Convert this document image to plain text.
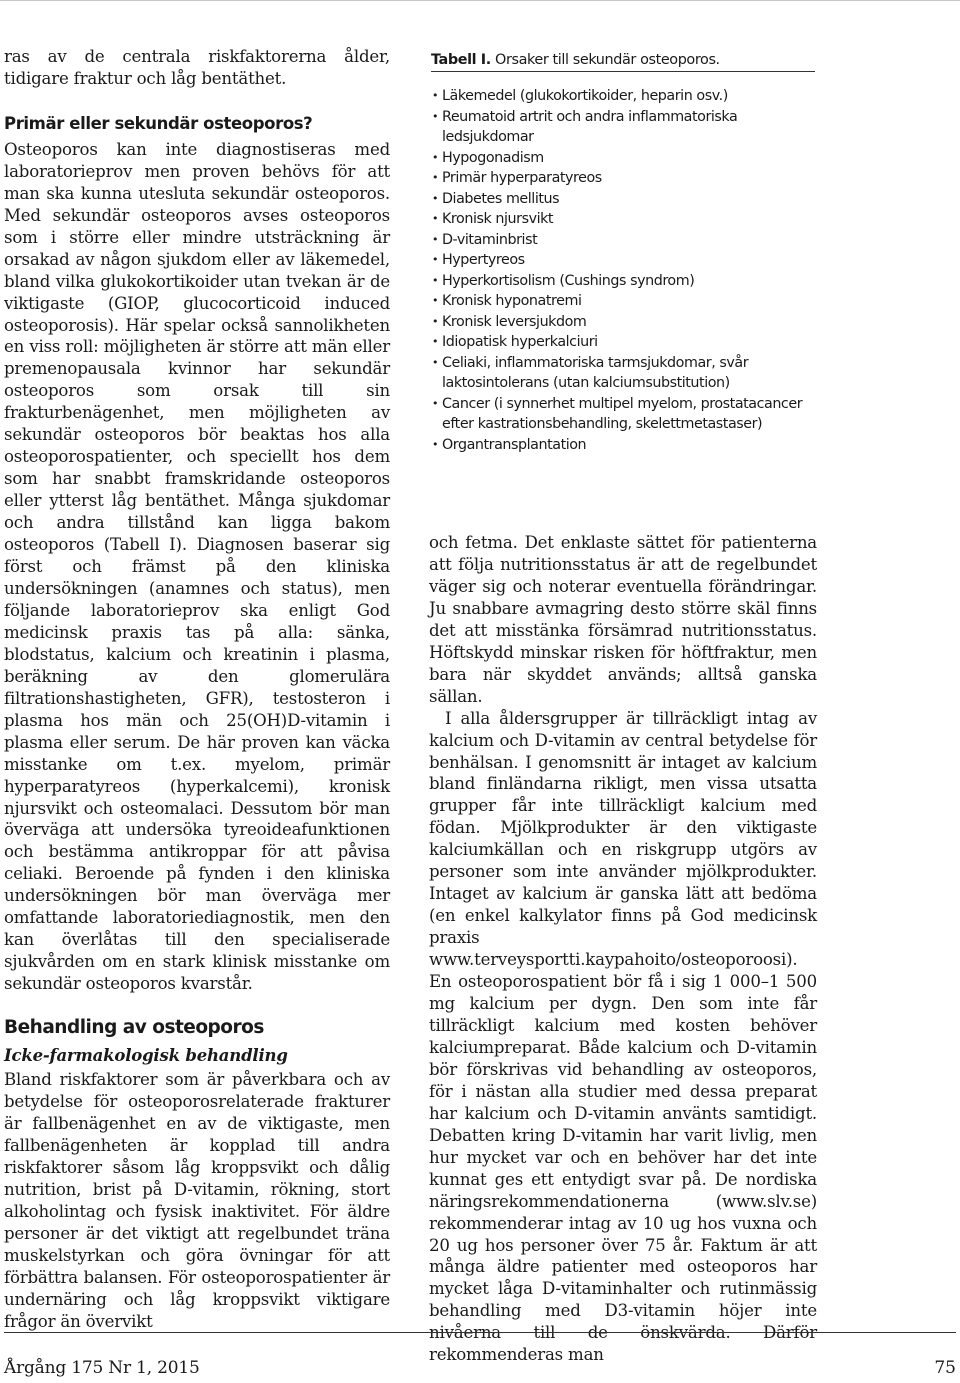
ras av de centrala riskfaktorerna ålder, tidigare fraktur och låg bentäthet.

Primär eller sekundär osteoporos?

Osteoporos kan inte diagnostiseras med laboratorieprov men proven behövs för att man ska kunna utesluta sekundär osteoporos. Med sekundär osteoporos avses osteoporos som i större eller mindre utsträckning är orsakad av någon sjukdom eller av läkemedel, bland vilka glukokortikoider utan tvekan är de viktigaste (GIOP, glucocorticoid induced osteoporosis). Här spelar också sannolikheten en viss roll: möjligheten är större att män eller premenopausala kvinnor har sekundär osteoporos som orsak till sin frakturbenägenhet, men möjligheten av sekundär osteoporos bör beaktas hos alla osteoporospatienter, och speciellt hos dem som har snabbt framskridande osteoporos eller ytterst låg bentäthet. Många sjukdomar och andra tillstånd kan ligga bakom osteoporos (Tabell I). Diagnosen baserar sig först och främst på den kliniska undersökningen (anamnes och status), men följande laboratorieprov ska enligt God medicinsk praxis tas på alla: sänka, blodstatus, kalcium och kreatinin i plasma, beräkning av den glomerulära filtrationshastigheten, GFR), testosteron i plasma hos män och 25(OH)D-vitamin i plasma eller serum. De här proven kan väcka misstanke om t.ex. myelom, primär hyperparatyreos (hyperkalcemi), kronisk njursvikt och osteomalaci. Dessutom bör man överväga att undersöka tyreoideafunktionen och bestämma antikroppar för att påvisa celiaki. Beroende på fynden i den kliniska undersökningen bör man överväga mer omfattande laboratoriediagnostik, men den kan överlåtas till den specialiserade sjukvården om en stark klinisk misstanke om sekundär osteoporos kvarstår.

Behandling av osteoporos
Icke-farmakologisk behandling

Bland riskfaktorer som är påverkbara och av betydelse för osteoporosrelaterade frakturer är fallbenägenhet en av de viktigaste, men fallbenägenheten är kopplad till andra riskfaktorer såsom låg kroppsvikt och dålig nutrition, brist på D-vitamin, rökning, stort alkoholintag och fysisk inaktivitet. För äldre personer är det viktigt att regelbundet träna muskelstyrkan och göra övningar för att förbättra balansen. För osteoporospatienter är undernäring och låg kroppsvikt viktigare frågor än övervikt

Tabell I. Orsaker till sekundär osteoporos.

• Läkemedel (glukokortikoider, heparin osv.)
• Reumatoid artrit och andra inflammatoriska ledsjukdomar
• Hypogonadism
• Primär hyperparatyreos
• Diabetes mellitus
• Kronisk njursvikt
• D-vitaminbrist
• Hypertyreos
• Hyperkortisolism (Cushings syndrom)
• Kronisk hyponatremi
• Kronisk leversjukdom
• Idiopatisk hyperkalciuri
• Celiaki, inflammatoriska tarmsjukdomar, svår laktosintolerans (utan kalciumsubstitution)
• Cancer (i synnerhet multipel myelom, prostatacancer efter kastrationsbehandling, skelettmetastaser)
• Organtransplantation

och fetma. Det enklaste sättet för patienterna att följa nutritionsstatus är att de regelbundet väger sig och noterar eventuella förändringar. Ju snabbare avmagring desto större skäl finns det att misstänka försämrad nutritionsstatus. Höftskydd minskar risken för höftfraktur, men bara när skyddet används; alltså ganska sällan.

I alla åldersgrupper är tillräckligt intag av kalcium och D-vitamin av central betydelse för benhälsan. I genomsnitt är intaget av kalcium bland finländarna rikligt, men vissa utsatta grupper får inte tillräckligt kalcium med födan. Mjölkprodukter är den viktigaste kalciumkällan och en riskgrupp utgörs av personer som inte använder mjölkprodukter. Intaget av kalcium är ganska lätt att bedöma (en enkel kalkylator finns på God medicinsk praxis www.terveysportti.kaypahoito/osteoporoosi). En osteoporospatient bör få i sig 1 000–1 500 mg kalcium per dygn. Den som inte får tillräckligt kalcium med kosten behöver kalciumpreparat. Både kalcium och D-vitamin bör förskrivas vid behandling av osteoporos, för i nästan alla studier med dessa preparat har kalcium och D-vitamin använts samtidigt. Debatten kring D-vitamin har varit livlig, men hur mycket var och en behöver har det inte kunnat ges ett entydigt svar på. De nordiska näringsrekommendationerna (www.slv.se) rekommenderar intag av 10 ug hos vuxna och 20 ug hos personer över 75 år. Faktum är att många äldre patienter med osteoporos har mycket låga D-vitaminhalter och rutinmässig behandling med D3-vitamin höjer inte nivåerna till de önskvärda. Därför rekommenderas man

Årgång 175 Nr 1, 2015	75
